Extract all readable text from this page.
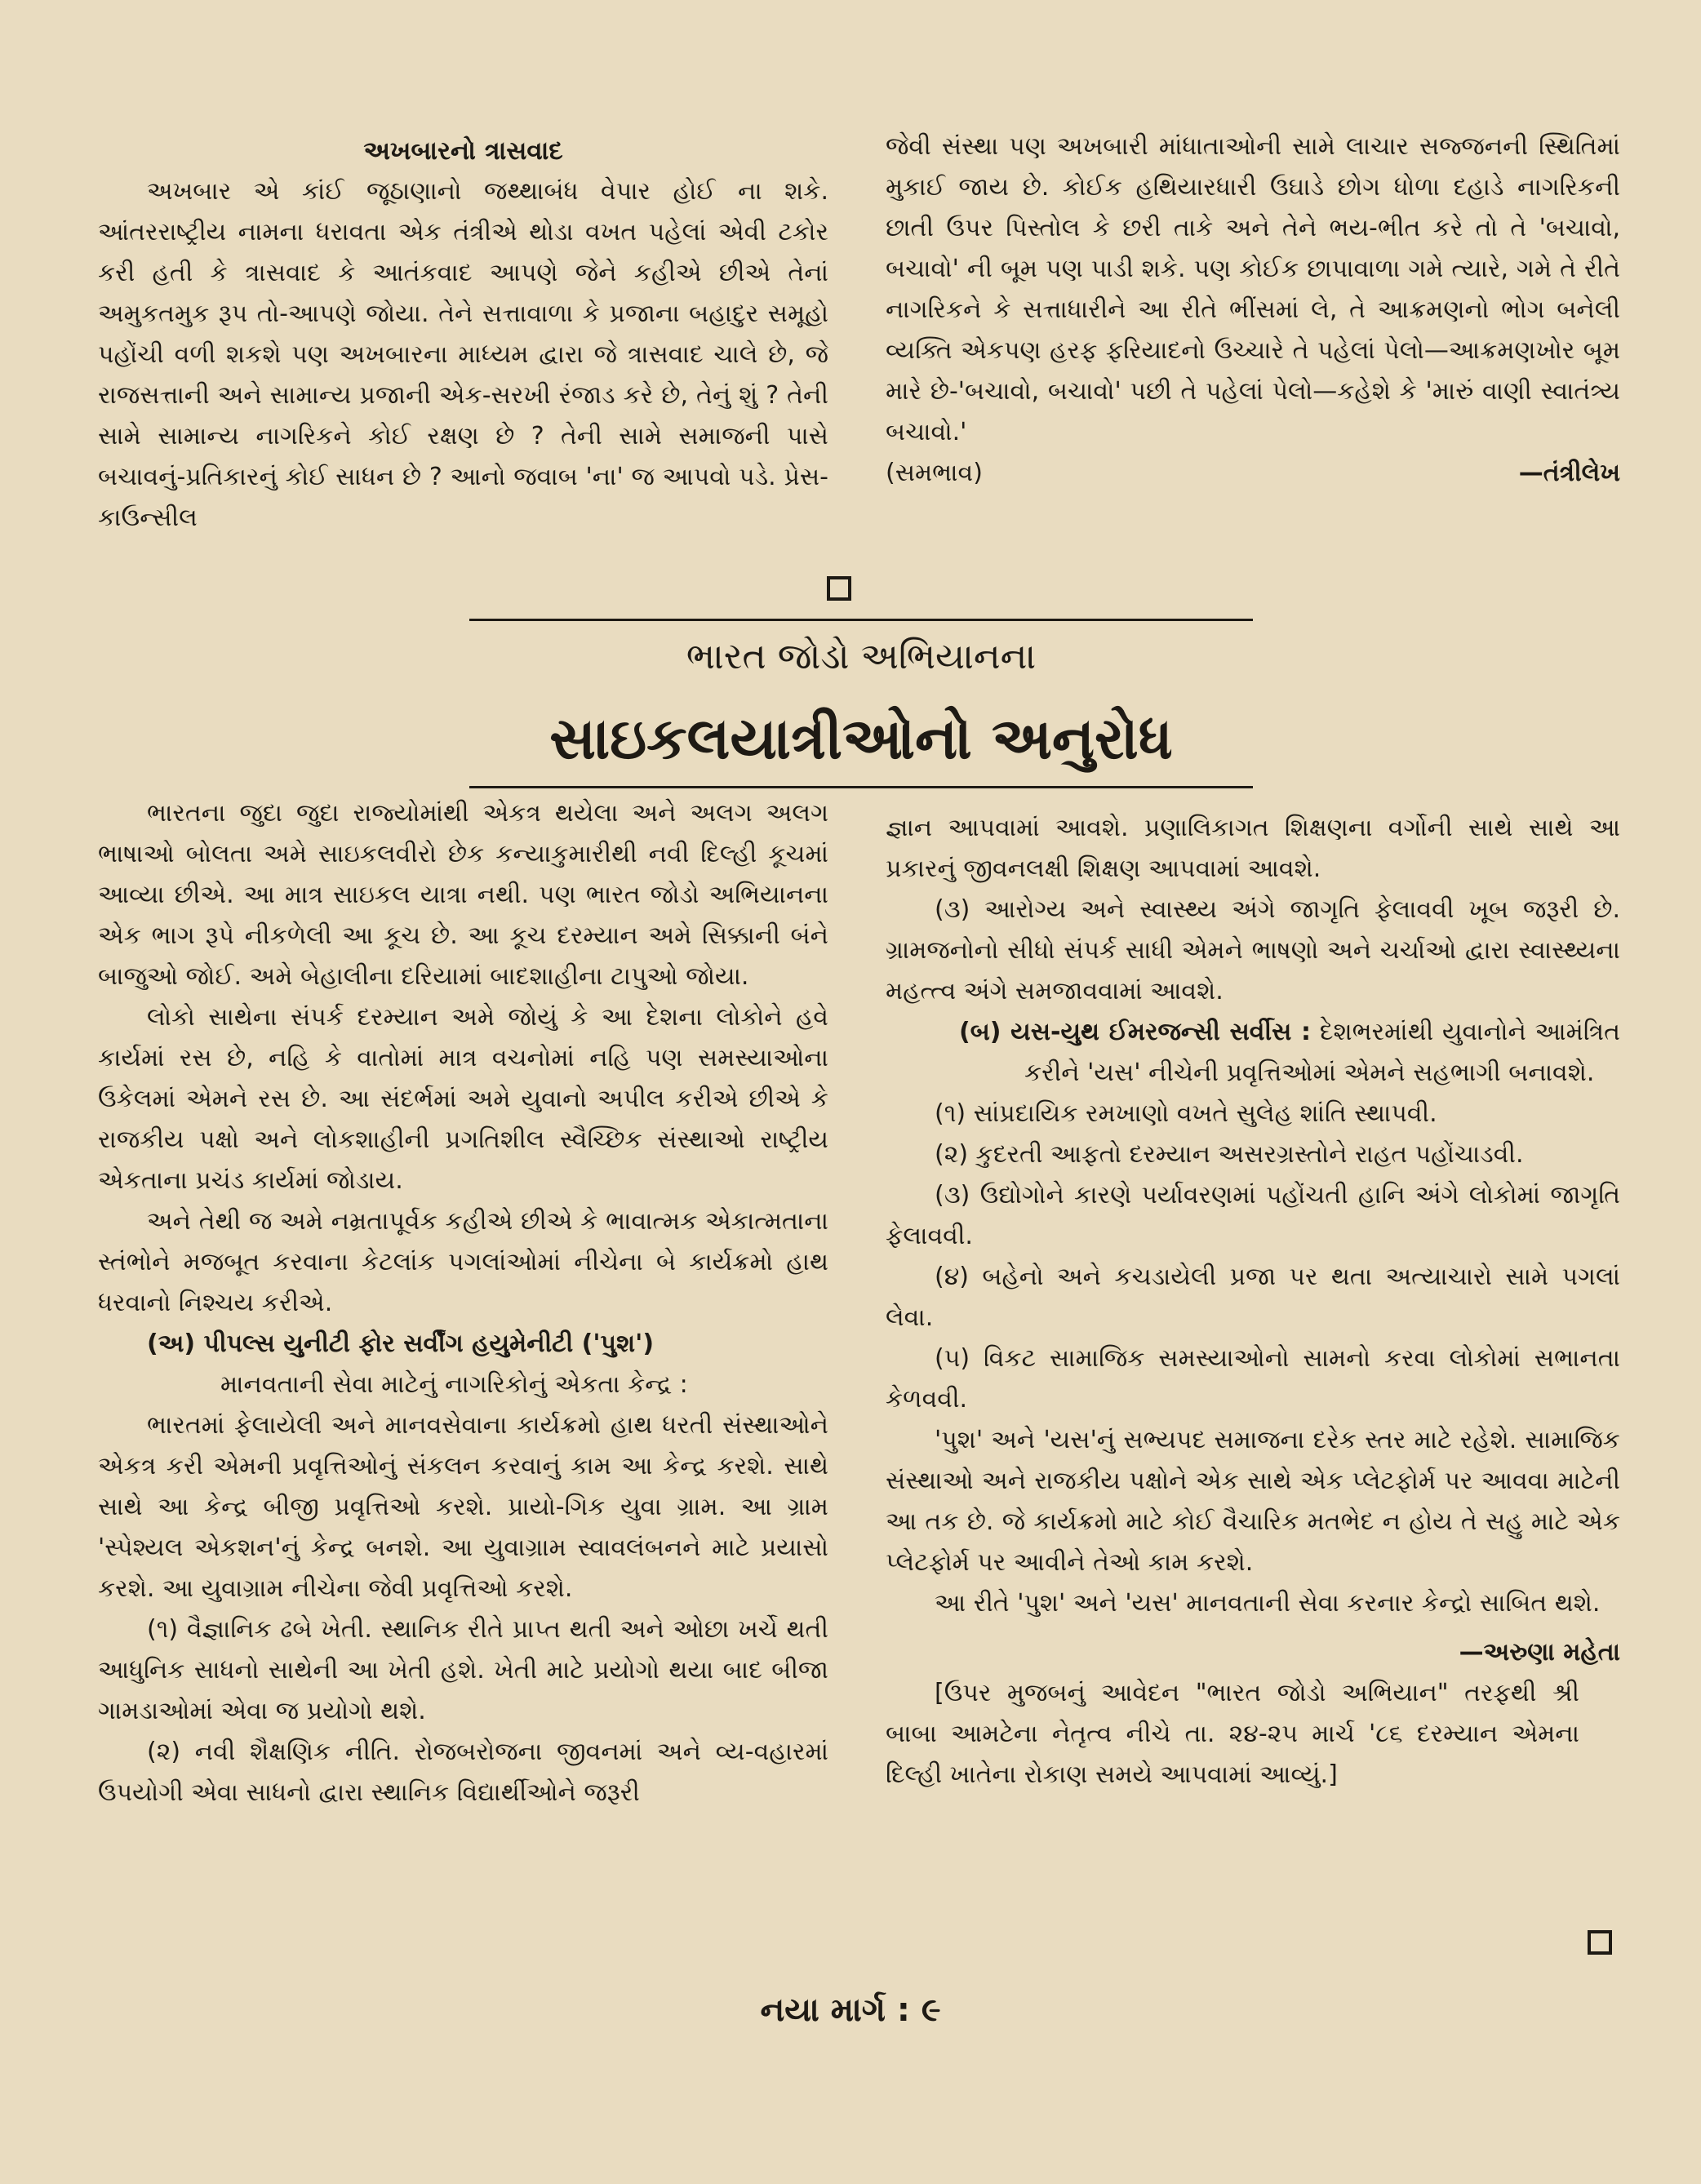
અખબારનો ત્રાસવાદ

અખબાર એ કાંઈ જૂઠાણાનો જથ્થાબંધ વેપાર હોઈ ના શકે. આંતરરાષ્ટ્રીય નામના ધરાવતા એક તંત્રીએ થોડા વખત પહેલાં એવી ટકોર કરી હતી કે ત્રાસવાદ કે આતંકવાદ આપણે જેને કહીએ છીએ તેનાં અમુકતમુક રૂપ તો-આપણે જોયા. તેને સત્તાવાળા કે પ્રજાના બહાદુર સમૂહો પહોંચી વળી શકશે પણ અખબારના માધ્યમ દ્વારા જે ત્રાસવાદ ચાલે છે, જે રાજસત્તાની અને સામાન્ય પ્રજાની એક-સરખી રંજાડ કરે છે, તેનું શું ? તેની સામે સામાન્ય નાગરિકને કોઈ રક્ષણ છે ? તેની સામે સમાજની પાસે બચાવનું-પ્રતિકારનું કોઈ સાધન છે ? આનો જવાબ 'ના' જ આપવો પડે. પ્રેસ-કાઉન્સીલ

જેવી સંસ્થા પણ અખબારી માંધાતાઓની સામે લાચાર સજ્જનની સ્થિતિમાં મુકાઈ જાય છે. કોઈક હથિયારધારી ઉઘાડે છોગ ધોળા દહાડે નાગરિકની છાતી ઉપર પિસ્તોલ કે છરી તાકે અને તેને ભય-ભીત કરે તો તે 'બચાવો, બચાવો' ની બૂમ પણ પાડી શકે. પણ કોઈક છાપાવાળા ગમે ત્યારે, ગમે તે રીતે નાગરિકને કે સત્તાધારીને આ રીતે ભીંસમાં લે, તે આક્રમણનો ભોગ બનેલી વ્યક્તિ એકપણ હરફ ફરિયાદનો ઉચ્ચારે તે પહેલાં પેલો—આક્રમણખોર બૂમ મારે છે-'બચાવો, બચાવો' પછી તે પહેલાં પેલો—કહેશે કે 'મારું વાણી સ્વાતંત્ર્ય બચાવો.'

(સમભાવ)	—તંત્રીલેખ

ભારત જોડો અભિયાનના
સાઇકલયાત્રીઓનો અનુરોધ

ભારતના જુદા જુદા રાજ્યોમાંથી એકત્ર થયેલા અને અલગ અલગ ભાષાઓ બોલતા અમે સાઇકલવીરો છેક કન્યાકુમારીથી નવી દિલ્હી કૂચમાં આવ્યા છીએ. આ માત્ર સાઇકલ યાત્રા નથી. પણ ભારત જોડો અભિયાનના એક ભાગ રૂપે નીકળેલી આ કૂચ છે. આ કૂચ દરમ્યાન અમે સિક્કાની બંને બાજુઓ જોઈ. અમે બેહાલીના દરિયામાં બાદશાહીના ટાપુઓ જોયા.

લોકો સાથેના સંપર્ક દરમ્યાન અમે જોયું કે આ દેશના લોકોને હવે કાર્યમાં રસ છે, નહિ કે વાતોમાં માત્ર વચનોમાં નહિ પણ સમસ્યાઓના ઉકેલમાં એમને રસ છે. આ સંદર્ભમાં અમે યુવાનો અપીલ કરીએ છીએ કે રાજકીય પક્ષો અને લોકશાહીની પ્રગતિશીલ સ્વૈચ્છિક સંસ્થાઓ રાષ્ટ્રીય એકતાના પ્રચંડ કાર્યમાં જોડાય.

અને તેથી જ અમે નમ્રતાપૂર્વક કહીએ છીએ કે ભાવાત્મક એકાત્મતાના સ્તંભોને મજબૂત કરવાના કેટલાંક પગલાંઓમાં નીચેના બે કાર્યક્રમો હાથ ધરવાનો નિશ્ચય કરીએ.

(અ) પીપલ્સ યુનીટી ફોર સર્વીંગ હયુમેનીટી ('પુશ')

માનવતાની સેવા માટેનું નાગરિકોનું એકતા કેન્દ્ર :

ભારતમાં ફેલાયેલી અને માનવસેવાના કાર્યક્રમો હાથ ધરતી સંસ્થાઓને એકત્ર કરી એમની પ્રવૃત્તિઓનું સંકલન કરવાનું કામ આ કેન્દ્ર કરશે. સાથે સાથે આ કેન્દ્ર બીજી પ્રવૃત્તિઓ કરશે. પ્રાયો-ગિક યુવા ગ્રામ. આ ગ્રામ 'સ્પેશ્યલ એકશન'નું કેન્દ્ર બનશે. આ યુવાગ્રામ સ્વાવલંબનને માટે પ્રયાસો કરશે. આ યુવાગ્રામ નીચેના જેવી પ્રવૃત્તિઓ કરશે.

(૧) વૈજ્ઞાનિક ઢબે ખેતી. સ્થાનિક રીતે પ્રાપ્ત થતી અને ઓછા ખર્ચે થતી આધુનિક સાધનો સાથેની આ ખેતી હશે. ખેતી માટે પ્રયોગો થયા બાદ બીજા ગામડાઓમાં એવા જ પ્રયોગો થશે.

(૨) નવી શૈક્ષણિક નીતિ. રોજબરોજના જીવનમાં અને વ્ય-વહારમાં ઉપયોગી એવા સાધનો દ્વારા સ્થાનિક વિદ્યાર્થીઓને જરૂરી

જ્ઞાન આપવામાં આવશે. પ્રણાલિકાગત શિક્ષણના વર્ગોની સાથે સાથે આ પ્રકારનું જીવનલક્ષી શિક્ષણ આપવામાં આવશે.

(૩) આરોગ્ય અને સ્વાસ્થ્ય અંગે જાગૃતિ ફેલાવવી ખૂબ જરૂરી છે. ગ્રામજનોનો સીધો સંપર્ક સાધી એમને ભાષણો અને ચર્ચાઓ દ્વારા સ્વાસ્થ્યના મહત્ત્વ અંગે સમજાવવામાં આવશે.

(બ) યસ-યુથ ઈમરજન્સી સર્વીસ : દેશભરમાંથી યુવાનોને આમંત્રિત કરીને 'યસ' નીચેની પ્રવૃત્તિઓમાં એમને સહભાગી બનાવશે.

(૧) સાંપ્રદાયિક રમખાણો વખતે સુલેહ શાંતિ સ્થાપવી.

(૨) કુદરતી આફતો દરમ્યાન અસરગ્રસ્તોને રાહત પહોંચાડવી.

(૩) ઉદ્યોગોને કારણે પર્યાવરણમાં પહોંચતી હાનિ અંગે લોકોમાં જાગૃતિ ફેલાવવી.

(૪) બહેનો અને કચડાયેલી પ્રજા પર થતા અત્યાચારો સામે પગલાં લેવા.

(૫) વિકટ સામાજિક સમસ્યાઓનો સામનો કરવા લોકોમાં સભાનતા કેળવવી.

'પુશ' અને 'યસ'નું સભ્યપદ સમાજના દરેક સ્તર માટે રહેશે. સામાજિક સંસ્થાઓ અને રાજકીય પક્ષોને એક સાથે એક પ્લેટફોર્મ પર આવવા માટેની આ તક છે. જે કાર્યક્રમો માટે કોઈ વૈચારિક મતભેદ ન હોય તે સહુ માટે એક પ્લેટફોર્મ પર આવીને તેઓ કામ કરશે.

આ રીતે 'પુશ' અને 'યસ' માનવતાની સેવા કરનાર કેન્દ્રો સાબિત થશે.

—અરુણા મહેતા

[ઉપર મુજબનું આવેદન "ભારત જોડો અભિયાન" તરફથી શ્રી બાબા આમટેના નેતૃત્વ નીચે તા. ૨૪-૨૫ માર્ચ '૮૬ દરમ્યાન એમના દિલ્હી ખાતેના રોકાણ સમયે આપવામાં આવ્યું.]

નયા માર્ગ : ૯
